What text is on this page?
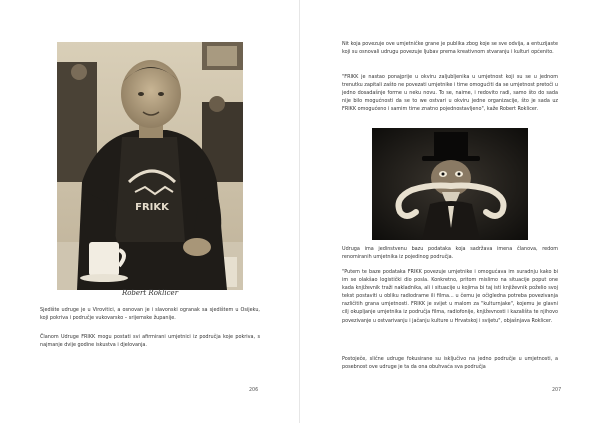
FRIKK
Robert Roklicer

Sjedište udruge je u Virovitici, a osnovan je i slavonski ogranak sa sjedištem u Osijeku, koji pokriva i područje vukovarsko – srijemske županije.

Članom Udruge FRIKK mogu postati svi afirmirani umjetnici iz područja koje pokriva, s najmanje dvije godine iskustva i djelovanja.

206

Nit koja povezuje ove umjetničke grane je publika zbog koje se sve odvija, a entuzijaste koji su osnovali udrugu povezuje ljubav prema kreativnom stvaranju i kulturi općenito.

"FRIKK je nastao ponajprije u okviru zaljubljenika u umjetnost koji su se u jednom trenutku zapitali zašto ne povezati umjetnike i time omogućiti da se umjetnost pretoči u jedno dosadašnje forme u neku novu. To se, naime, i redovito radi, samo što do sada nije bilo mogućnosti da se to we ostvari u okviru jedne organizacije, što je sada uz FRIKK omogućeno i samim time znatno pojednostavljeno", kaže Robert Roklicer.

Udruga ima jedinstvenu bazu podataka koja sadržava imena članova, redom renomiranih umjetnika iz pojedinog područja.

"Putem te baze podataka FRIKK povezuje umjetnike i omogućava im suradnju kako bi im se olakšao logistički dio posla. Konkretno, pritom mislimo na situacije poput one kada književnik traži nakladnika, ali i situacije u kojima bi taj isti književnik poželio svoj tekst postaviti u obliku radiodrame ili filma... u čemu je očigledna potreba povezivanja različitih grana umjetnosti. FRIKK je svijet u malom za "kulturnjake", kojemu je glavni cilj okupljanje umjetnika iz područja filma, radiofonije, književnosti i kazališta te njihovo povezivanje u ostvarivanju i jačanju kulture u Hrvatskoj i svijetu", objašnjava Roklicer.

Postoječe, slične udruge fokusirane su isključivo na jedno područje u umjetnosti, a posebnost ove udruge je ta da ona obuhvaća sva područja

207
